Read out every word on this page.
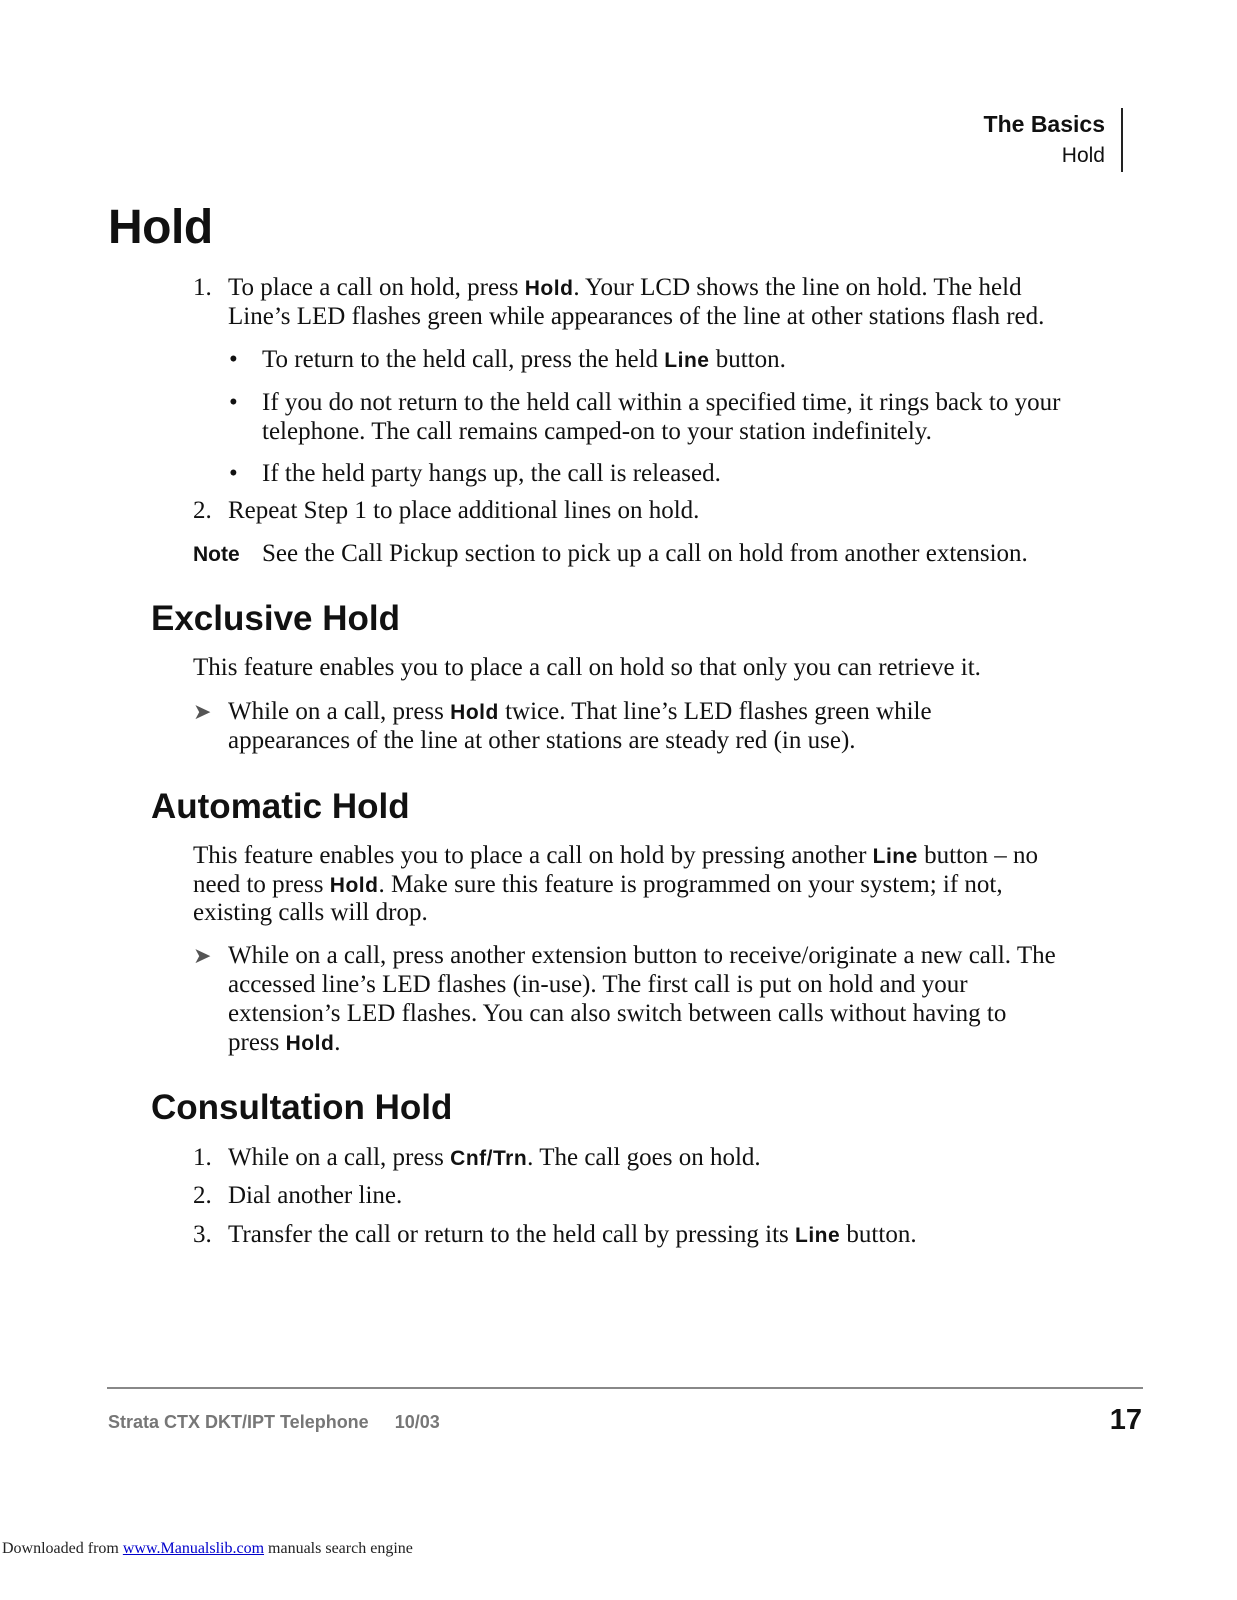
The Basics
Hold
Hold
1. To place a call on hold, press Hold. Your LCD shows the line on hold. The held
Line’s LED flashes green while appearances of the line at other stations flash red.
• To return to the held call, press the held Line button.
• If you do not return to the held call within a specified time, it rings back to your
telephone. The call remains camped-on to your station indefinitely.
• If the held party hangs up, the call is released.
2. Repeat Step 1 to place additional lines on hold.
Note See the Call Pickup section to pick up a call on hold from another extension.
Exclusive Hold
This feature enables you to place a call on hold so that only you can retrieve it.
➤ While on a call, press Hold twice. That line’s LED flashes green while
appearances of the line at other stations are steady red (in use).
Automatic Hold
This feature enables you to place a call on hold by pressing another Line button – no
need to press Hold. Make sure this feature is programmed on your system; if not,
existing calls will drop.
➤ While on a call, press another extension button to receive/originate a new call. The
accessed line’s LED flashes (in-use). The first call is put on hold and your
extension’s LED flashes. You can also switch between calls without having to
press Hold.
Consultation Hold
1. While on a call, press Cnf/Trn. The call goes on hold.
2. Dial another line.
3. Transfer the call or return to the held call by pressing its Line button.
Strata CTX DKT/IPT Telephone 10/03	17
Downloaded from www.Manualslib.com manuals search engine
